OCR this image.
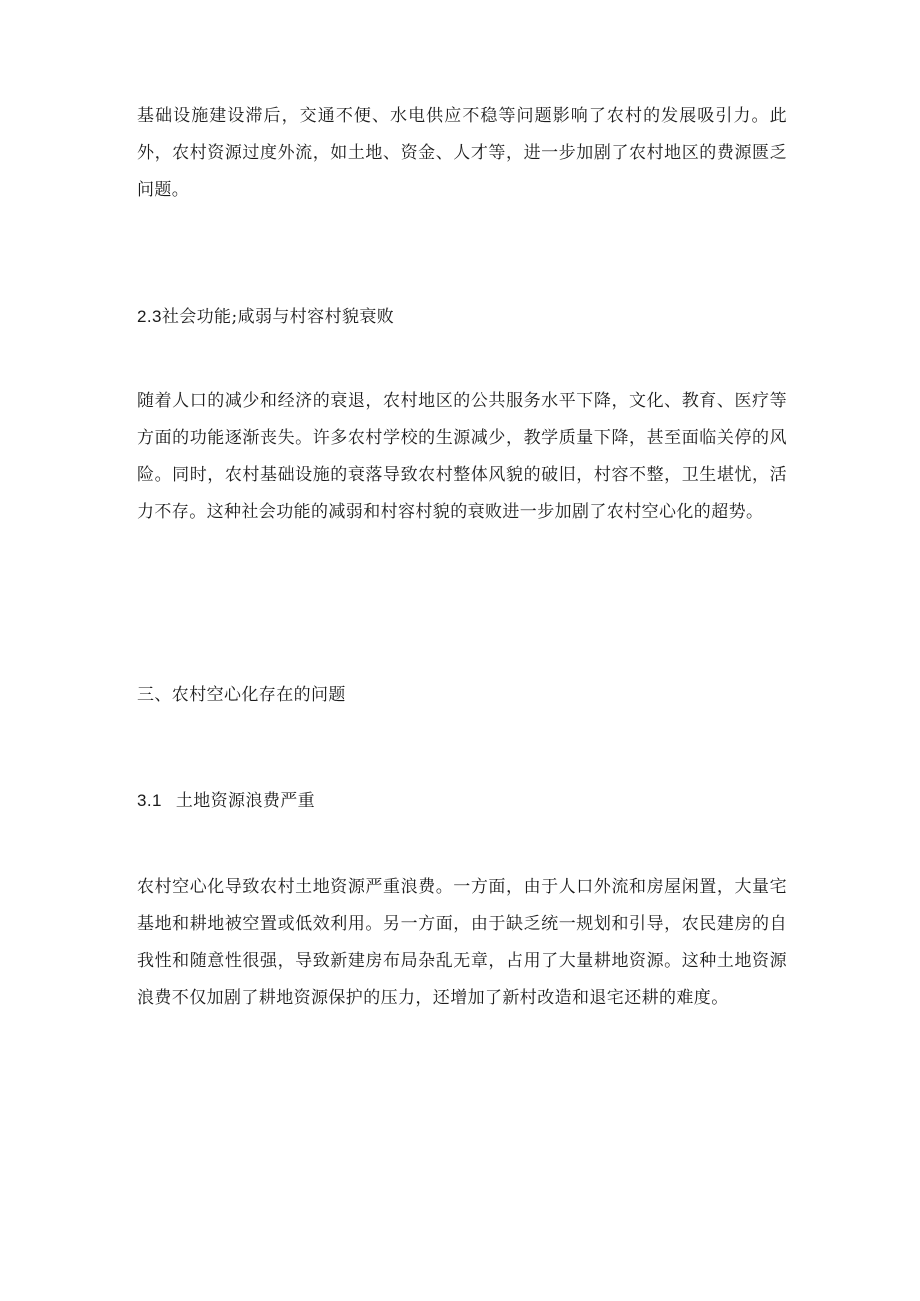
基础设施建设滞后，交通不便、水电供应不稳等问题影响了农村的发展吸引力。此外，农村资源过度外流，如土地、资金、人才等，进一步加剧了农村地区的费源匮乏问题。

2.3社会功能;咸弱与村容村貌衰败

随着人口的减少和经济的衰退，农村地区的公共服务水平下降，文化、教育、医疗等方面的功能逐渐丧失。许多农村学校的生源减少，教学质量下降，甚至面临关停的风险。同时，农村基础设施的衰落导致农村整体风貌的破旧，村容不整，卫生堪忧，活力不存。这种社会功能的减弱和村容村貌的衰败进一步加剧了农村空心化的超势。

三、农村空心化存在的问题
3.1 土地资源浪费严重

农村空心化导致农村土地资源严重浪费。一方面，由于人口外流和房屋闲置，大量宅基地和耕地被空置或低效利用。另一方面，由于缺乏统一规划和引导，农民建房的自我性和随意性很强，导致新建房布局杂乱无章，占用了大量耕地资源。这种土地资源浪费不仅加剧了耕地资源保护的压力，还增加了新村改造和退宅还耕的难度。
